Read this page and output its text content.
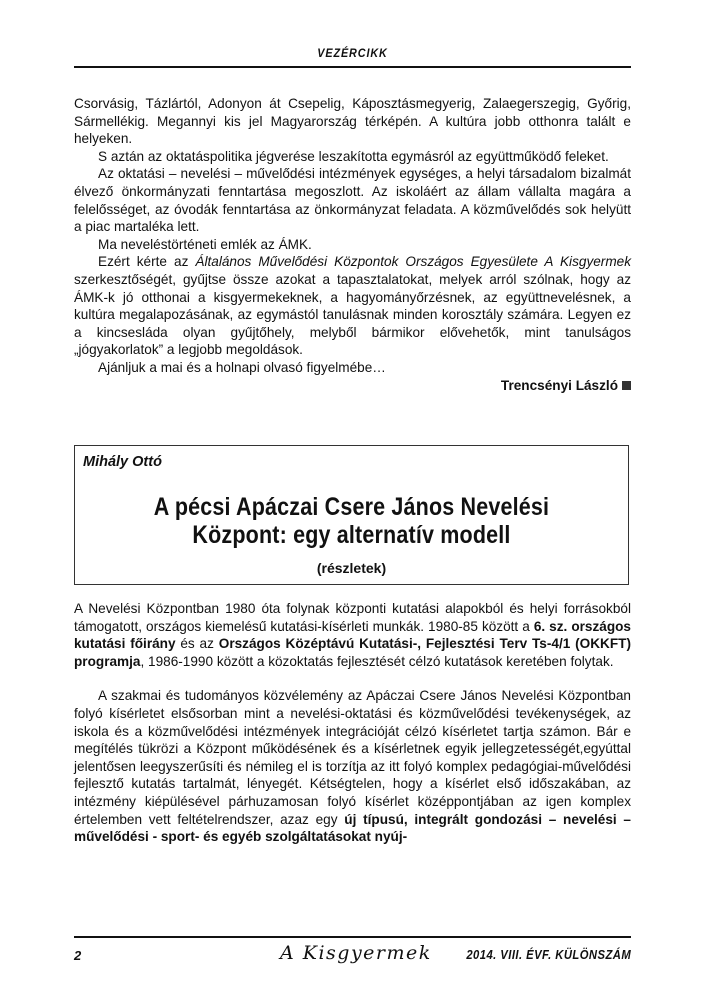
VEZÉRCIKK

Csorvásig, Tázlártól, Adonyon át Csepelig, Káposztásmegyerig, Zalaegerszegig, Győrig, Sármellékig. Megannyi kis jel Magyarország térképén. A kultúra jobb otthonra talált e helyeken.

S aztán az oktatáspolitika jégverése leszakította egymásról az együttműködő feleket.

Az oktatási – nevelési – művelődési intézmények egységes, a helyi társadalom bizalmát élvező önkormányzati fenntartása megoszlott. Az iskoláért az állam vállalta magára a felelősséget, az óvodák fenntartása az önkormányzat feladata. A közművelődés sok helyütt a piac martaléka lett.

Ma neveléstörténeti emlék az ÁMK.

Ezért kérte az Általános Művelődési Központok Országos Egyesülete A Kisgyermek szerkesztőségét, gyűjtse össze azokat a tapasztalatokat, melyek arról szólnak, hogy az ÁMK-k jó otthonai a kisgyermekeknek, a hagyományőrzésnek, az együttnevelésnek, a kultúra megalapozásának, az egymástól tanulásnak minden korosztály számára. Legyen ez a kincsesláda olyan gyűjtőhely, melyből bármikor elővehetők, mint tanulságos „jógyakorlatok” a legjobb megoldások.

Ajánljuk a mai és a holnapi olvasó figyelmébe…

Trencsényi László

Mihály Ottó
A pécsi Apáczai Csere János Nevelési Központ: egy alternatív modell
(részletek)

A Nevelési Központban 1980 óta folynak központi kutatási alapokból és helyi forrásokból támogatott, országos kiemelésű kutatási-kísérleti munkák. 1980-85 között a 6. sz. országos kutatási főirány és az Országos Középtávú Kutatási-, Fejlesztési Terv Ts-4/1 (OKKFT) programja, 1986-1990 között a közoktatás fejlesztését célzó kutatások keretében folytak.

A szakmai és tudományos közvélemény az Apáczai Csere János Nevelési Központban folyó kísérletet elsősorban mint a nevelési-oktatási és közművelődési tevékenységek, az iskola és a közművelődési intézmények integrációját célzó kísérletet tartja számon. Bár e megítélés tükrözi a Központ működésének és a kísérletnek egyik jellegzetességét,egyúttal jelentősen leegyszerűsíti és némileg el is torzítja az itt folyó komplex pedagógiai-művelődési fejlesztő kutatás tartalmát, lényegét. Kétségtelen, hogy a kísérlet első időszakában, az intézmény kiépülésével párhuzamosan folyó kísérlet középpontjában az igen komplex értelemben vett feltételrendszer, azaz egy új típusú, integrált gondozási – nevelési – művelődési - sport- és egyéb szolgáltatásokat nyúj-

2	A Kisgyermek	2014. VIII. ÉVF. KÜLÖNSZÁM
